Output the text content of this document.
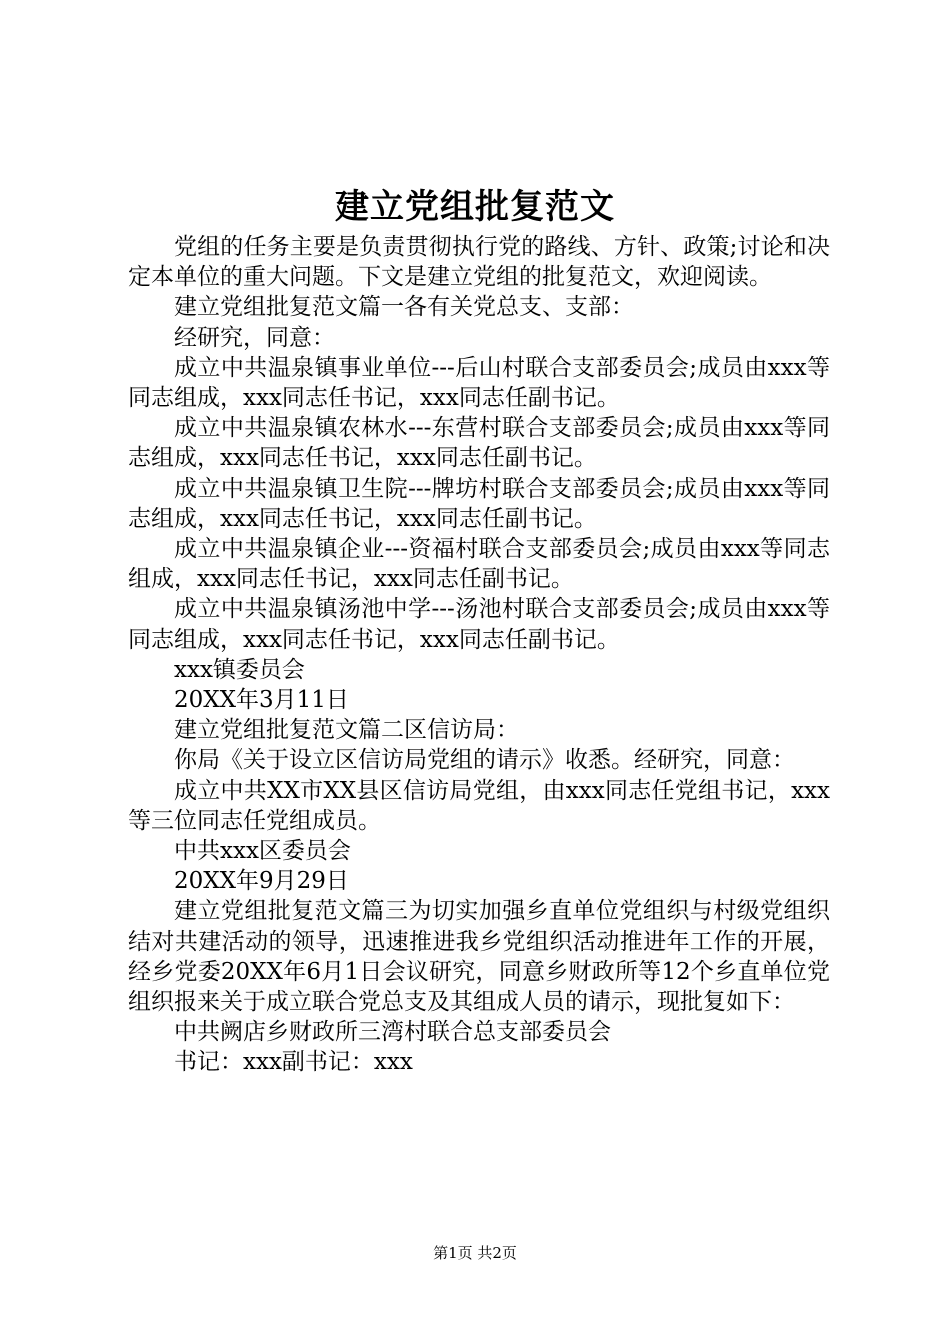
建立党组批复范文

党组的任务主要是负责贯彻执行党的路线、方针、政策;讨论和决定本单位的重大问题。下文是建立党组的批复范文，欢迎阅读。

建立党组批复范文篇一各有关党总支、支部：

经研究，同意：

成立中共温泉镇事业单位---后山村联合支部委员会;成员由xxx等同志组成，xxx同志任书记，xxx同志任副书记。

成立中共温泉镇农林水---东营村联合支部委员会;成员由xxx等同志组成，xxx同志任书记，xxx同志任副书记。

成立中共温泉镇卫生院---牌坊村联合支部委员会;成员由xxx等同志组成，xxx同志任书记，xxx同志任副书记。

成立中共温泉镇企业---资福村联合支部委员会;成员由xxx等同志组成，xxx同志任书记，xxx同志任副书记。

成立中共温泉镇汤池中学---汤池村联合支部委员会;成员由xxx等同志组成，xxx同志任书记，xxx同志任副书记。

xxx镇委员会

20XX年3月11日

建立党组批复范文篇二区信访局：

你局《关于设立区信访局党组的请示》收悉。经研究，同意：

成立中共XX市XX县区信访局党组，由xxx同志任党组书记，xxx等三位同志任党组成员。

中共xxx区委员会

20XX年9月29日

建立党组批复范文篇三为切实加强乡直单位党组织与村级党组织结对共建活动的领导，迅速推进我乡党组织活动推进年工作的开展，经乡党委20XX年6月1日会议研究，同意乡财政所等12个乡直单位党组织报来关于成立联合党总支及其组成人员的请示，现批复如下：

中共阙店乡财政所三湾村联合总支部委员会

书记：xxx副书记：xxx

第1页 共2页
